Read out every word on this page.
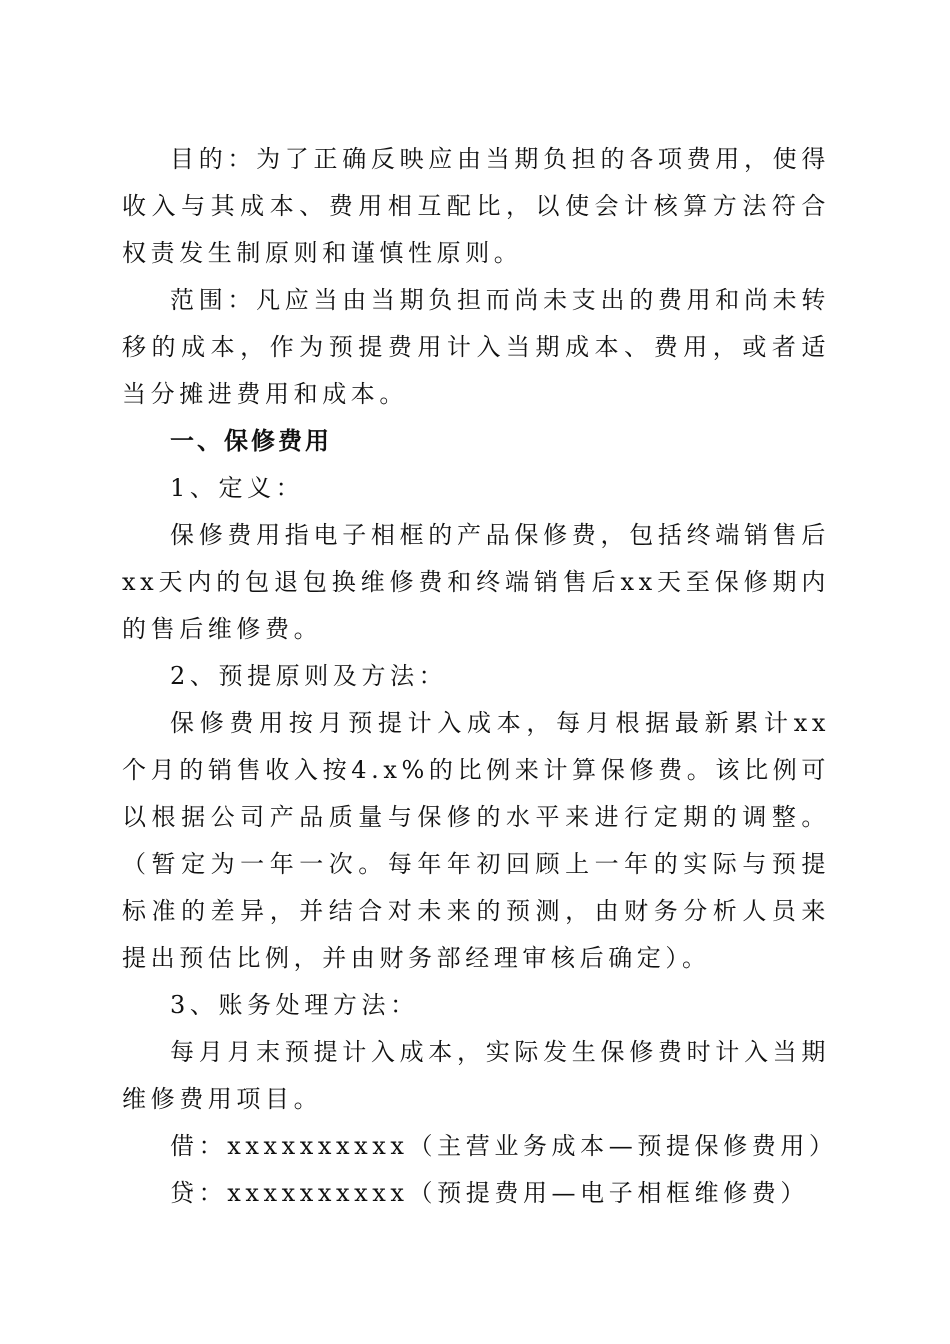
目的：为了正确反映应由当期负担的各项费用，使得收入与其成本、费用相互配比，以使会计核算方法符合权责发生制原则和谨慎性原则。

范围：凡应当由当期负担而尚未支出的费用和尚未转移的成本，作为预提费用计入当期成本、费用，或者适当分摊进费用和成本。

一、保修费用

1、定义：

保修费用指电子相框的产品保修费，包括终端销售后xx天内的包退包换维修费和终端销售后xx天至保修期内的售后维修费。

2、预提原则及方法：

保修费用按月预提计入成本，每月根据最新累计xx个月的销售收入按4.x%的比例来计算保修费。该比例可以根据公司产品质量与保修的水平来进行定期的调整。（暂定为一年一次。每年年初回顾上一年的实际与预提标准的差异，并结合对未来的预测，由财务分析人员来提出预估比例，并由财务部经理审核后确定）。

3、账务处理方法：

每月月末预提计入成本，实际发生保修费时计入当期维修费用项目。

借：xxxxxxxxxx（主营业务成本—预提保修费用）

贷：xxxxxxxxxx（预提费用—电子相框维修费）
